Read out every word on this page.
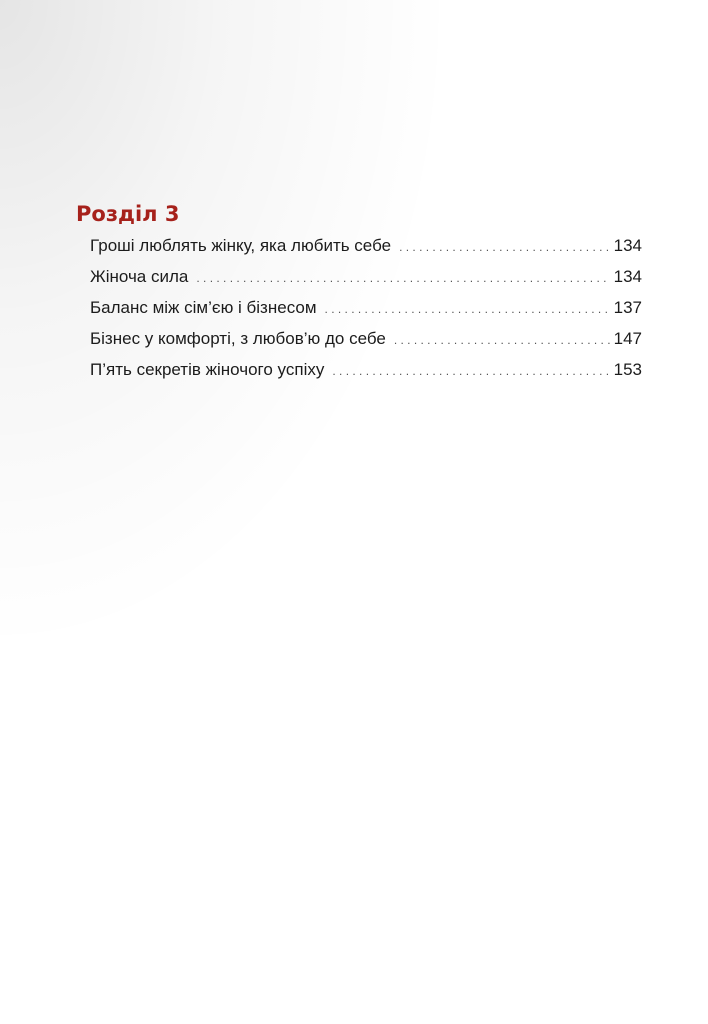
Розділ 3
Гроші люблять жінку, яка любить себе . . .	134
Жіноча сила . . .	134
Баланс між сім’єю і бізнесом . . .	137
Бізнес у комфорті, з любов’ю до себе . . .	147
П’ять секретів жіночого успіху . . .	153
